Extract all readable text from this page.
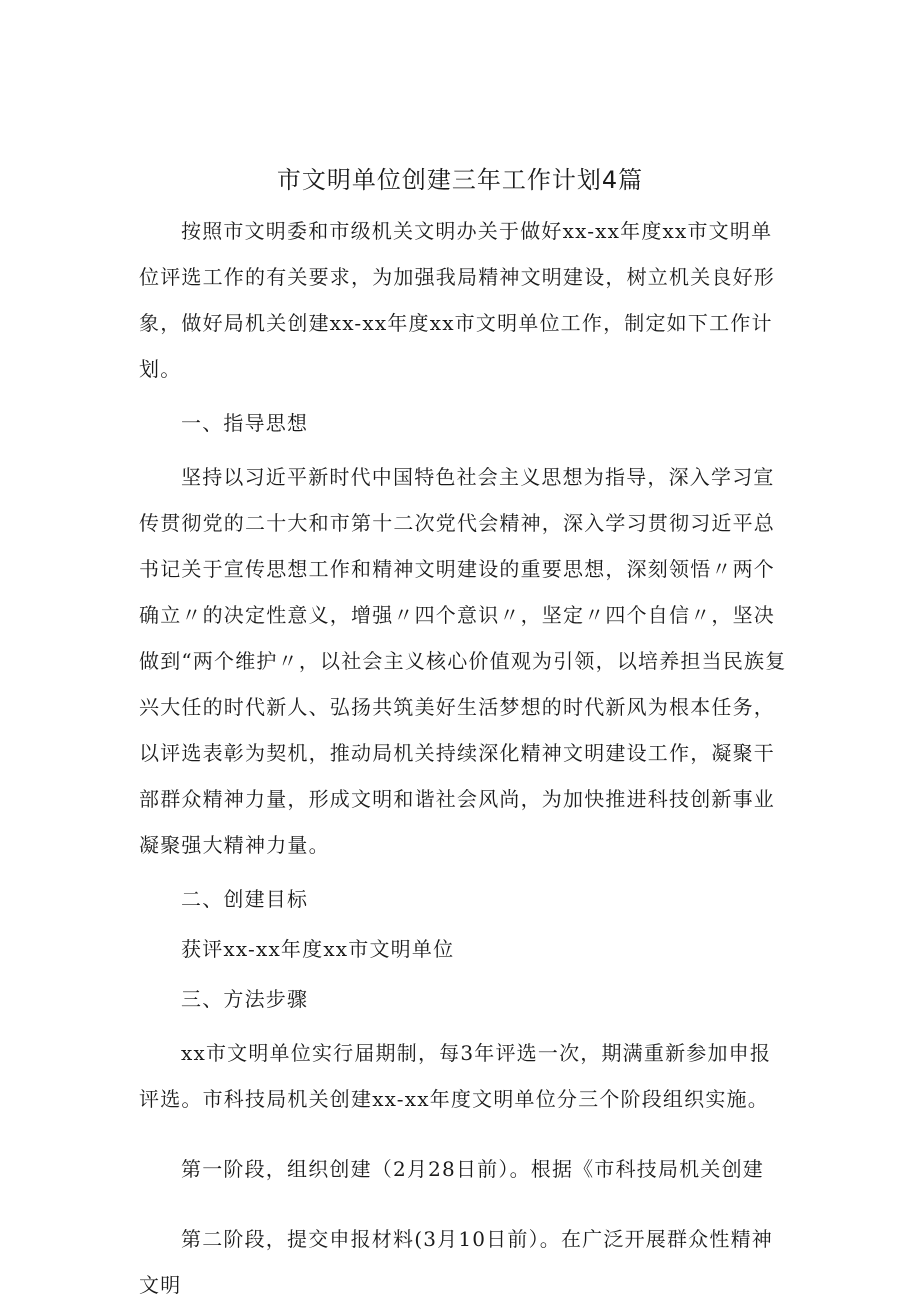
市文明单位创建三年工作计划4篇

按照市文明委和市级机关文明办关于做好xx-xx年度xx市文明单位评选工作的有关要求，为加强我局精神文明建设，树立机关良好形象，做好局机关创建xx-xx年度xx市文明单位工作，制定如下工作计划。

一、指导思想

坚持以习近平新时代中国特色社会主义思想为指导，深入学习宣传贯彻党的二十大和市第十二次党代会精神，深入学习贯彻习近平总书记关于宣传思想工作和精神文明建设的重要思想，深刻领悟〃两个确立〃的决定性意义，增强〃四个意识〃，坚定〃四个自信〃，坚决做到“两个维护〃，以社会主义核心价值观为引领，以培养担当民族复兴大任的时代新人、弘扬共筑美好生活梦想的时代新风为根本任务，以评选表彰为契机，推动局机关持续深化精神文明建设工作，凝聚干部群众精神力量，形成文明和谐社会风尚，为加快推进科技创新事业凝聚强大精神力量。

二、创建目标

获评xx-xx年度xx市文明单位

三、方法步骤

xx市文明单位实行届期制，每3年评选一次，期满重新参加申报评选。市科技局机关创建xx-xx年度文明单位分三个阶段组织实施。

第一阶段，组织创建（2月28日前）。根据《市科技局机关创建

第二阶段，提交申报材料(3月10日前）。在广泛开展群众性精神文明
